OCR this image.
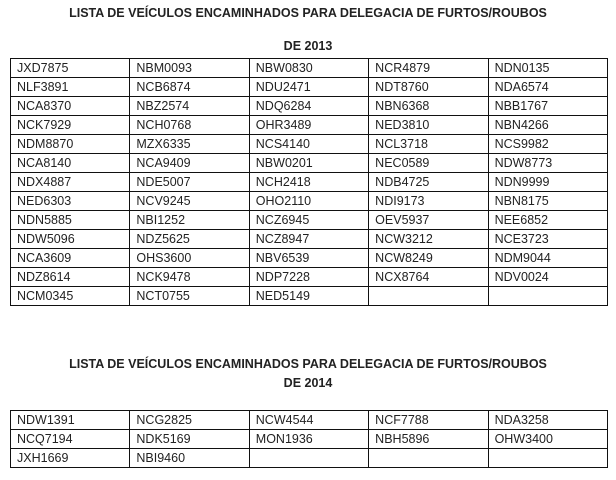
LISTA DE VEÍCULOS ENCAMINHADOS PARA DELEGACIA DE FURTOS/ROUBOS
DE 2013
JXD7875	NBM0093	NBW0830	NCR4879	NDN0135
NLF3891	NCB6874	NDU2471	NDT8760	NDA6574
NCA8370	NBZ2574	NDQ6284	NBN6368	NBB1767
NCK7929	NCH0768	OHR3489	NED3810	NBN4266
NDM8870	MZX6335	NCS4140	NCL3718	NCS9982
NCA8140	NCA9409	NBW0201	NEC0589	NDW8773
NDX4887	NDE5007	NCH2418	NDB4725	NDN9999
NED6303	NCV9245	OHO2110	NDI9173	NBN8175
NDN5885	NBI1252	NCZ6945	OEV5937	NEE6852
NDW5096	NDZ5625	NCZ8947	NCW3212	NCE3723
NCA3609	OHS3600	NBV6539	NCW8249	NDM9044
NDZ8614	NCK9478	NDP7228	NCX8764	NDV0024
NCM0345	NCT0755	NED5149		
LISTA DE VEÍCULOS ENCAMINHADOS PARA DELEGACIA DE FURTOS/ROUBOS
DE 2014
NDW1391	NCG2825	NCW4544	NCF7788	NDA3258
NCQ7194	NDK5169	MON1936	NBH5896	OHW3400
JXH1669	NBI9460			
